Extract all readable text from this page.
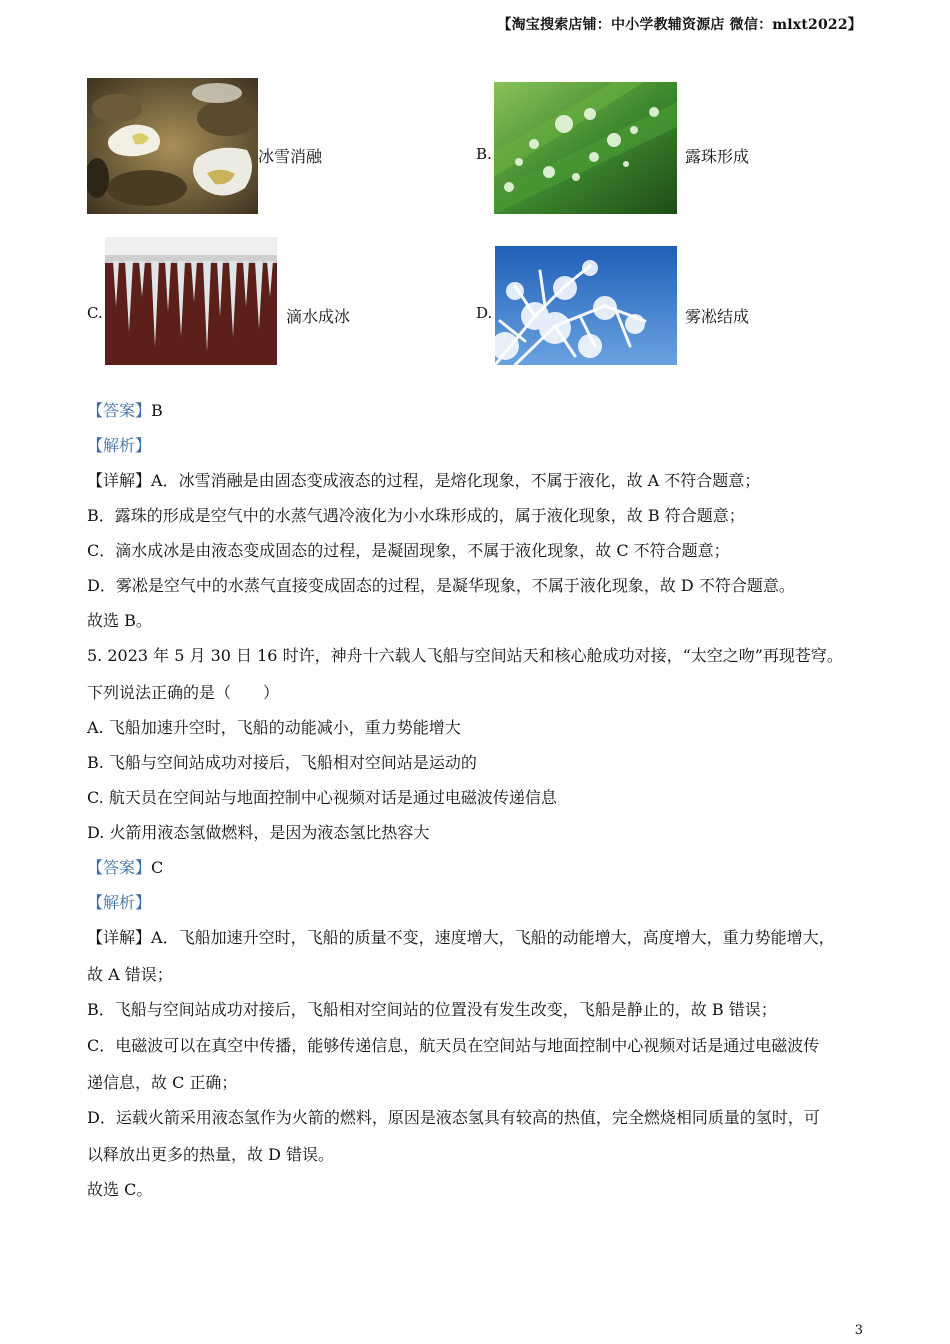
【淘宝搜索店铺：中小学教辅资源店 微信：mlxt2022】
冰雪消融	B.	露珠形成
C.	滴水成冰	D.	雾凇结成
【答案】B
【解析】
【详解】A．冰雪消融是由固态变成液态的过程，是熔化现象，不属于液化，故 A 不符合题意；
B．露珠的形成是空气中的水蒸气遇冷液化为小水珠形成的，属于液化现象，故 B 符合题意；
C．滴水成冰是由液态变成固态的过程，是凝固现象，不属于液化现象，故 C 不符合题意；
D．雾凇是空气中的水蒸气直接变成固态的过程，是凝华现象，不属于液化现象，故 D 不符合题意。
故选 B。
5. 2023 年 5 月 30 日 16 时许，神舟十六载人飞船与空间站天和核心舱成功对接，“太空之吻”再现苍穹。
下列说法正确的是（　　）
A. 飞船加速升空时，飞船的动能减小，重力势能增大
B. 飞船与空间站成功对接后，飞船相对空间站是运动的
C. 航天员在空间站与地面控制中心视频对话是通过电磁波传递信息
D. 火箭用液态氢做燃料，是因为液态氢比热容大
【答案】C
【解析】
【详解】A．飞船加速升空时，飞船的质量不变，速度增大，飞船的动能增大，高度增大，重力势能增大，
故 A 错误；
B．飞船与空间站成功对接后，飞船相对空间站的位置没有发生改变，飞船是静止的，故 B 错误；
C．电磁波可以在真空中传播，能够传递信息，航天员在空间站与地面控制中心视频对话是通过电磁波传
递信息，故 C 正确；
D．运载火箭采用液态氢作为火箭的燃料，原因是液态氢具有较高的热值，完全燃烧相同质量的氢时，可
以释放出更多的热量，故 D 错误。
故选 C。
3
